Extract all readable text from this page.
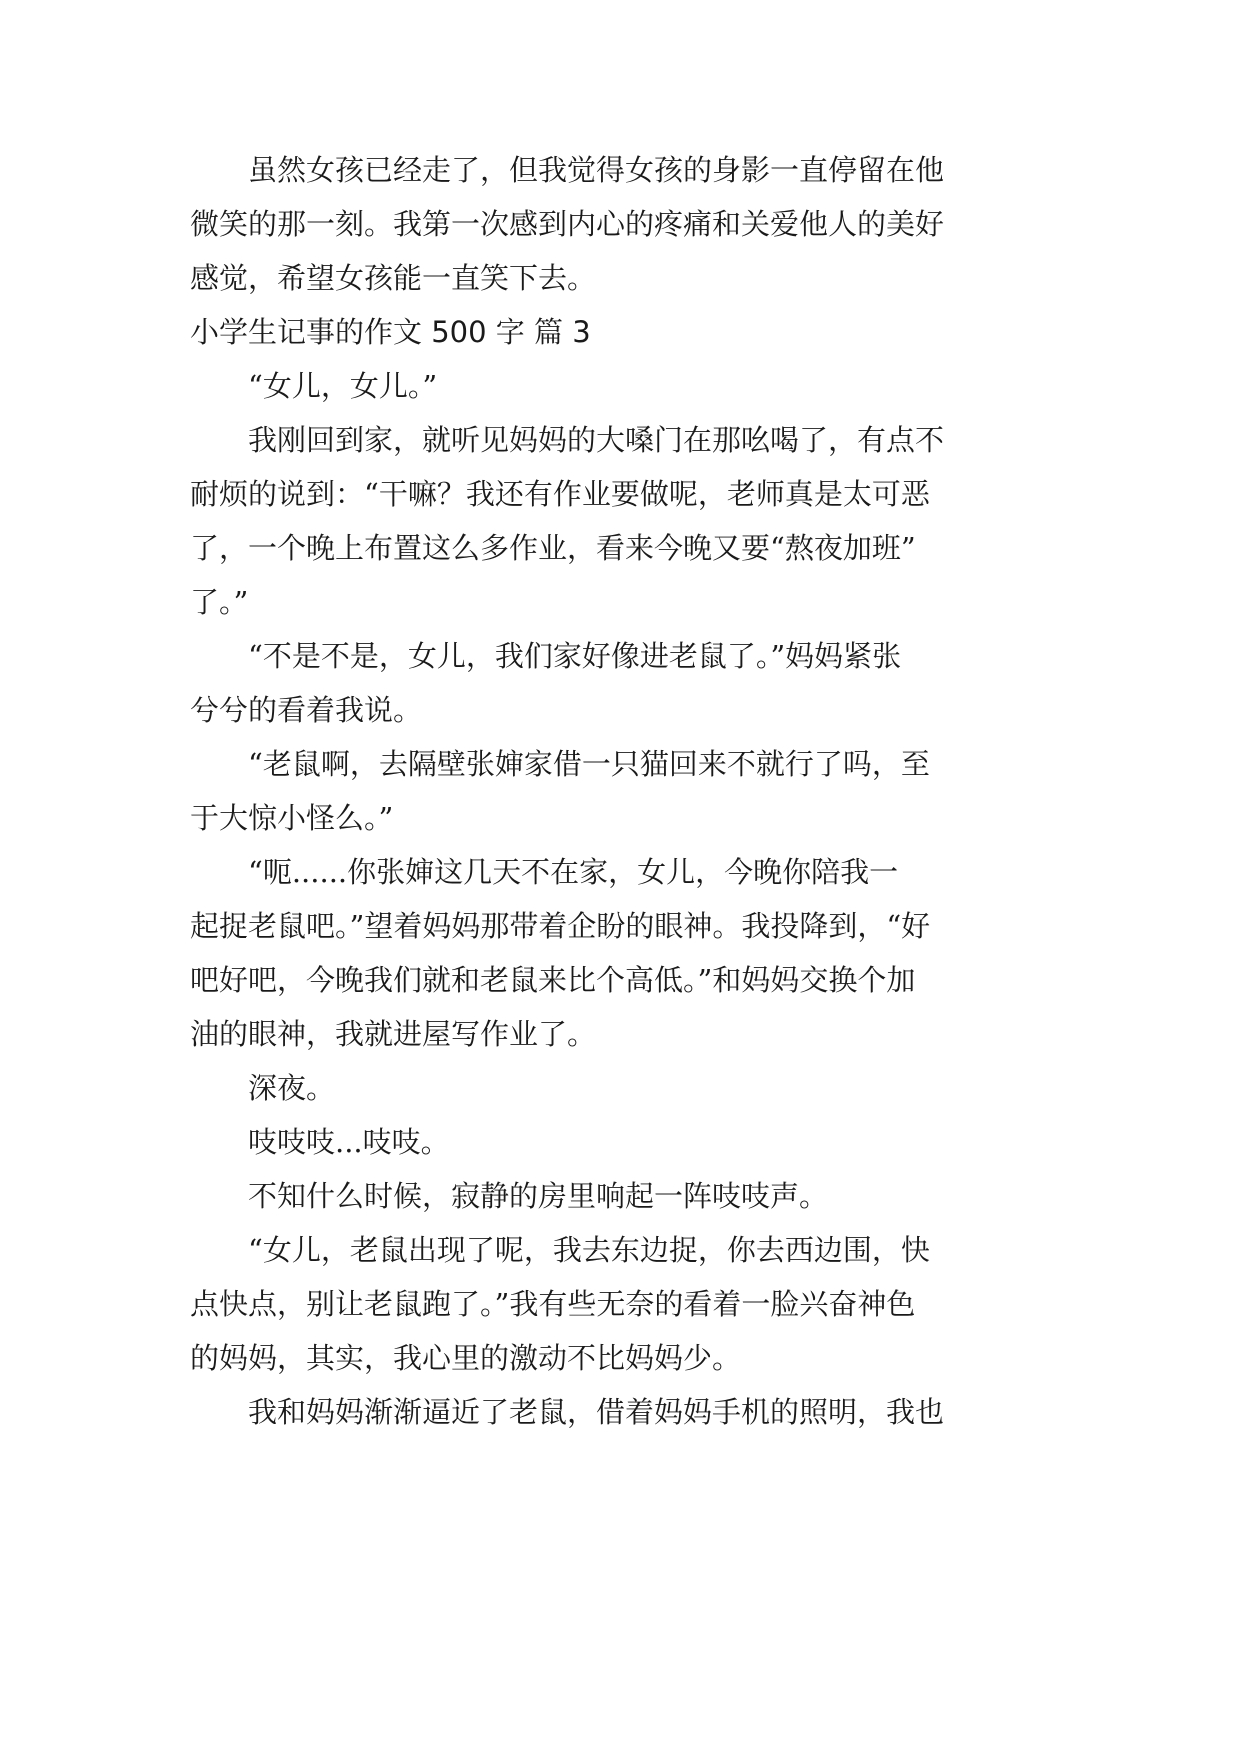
　　虽然女孩已经走了，但我觉得女孩的身影一直停留在他

微笑的那一刻。我第一次感到内心的疼痛和关爱他人的美好

感觉，希望女孩能一直笑下去。

小学生记事的作文 500 字 篇 3

　　“女儿，女儿。”

　　我刚回到家，就听见妈妈的大嗓门在那吆喝了，有点不

耐烦的说到：“干嘛？我还有作业要做呢，老师真是太可恶

了，一个晚上布置这么多作业，看来今晚又要“熬夜加班”

了。”

　　“不是不是，女儿，我们家好像进老鼠了。”妈妈紧张

兮兮的看着我说。

　　“老鼠啊，去隔壁张婶家借一只猫回来不就行了吗，至

于大惊小怪么。”

　　“呃......你张婶这几天不在家，女儿，今晚你陪我一

起捉老鼠吧。”望着妈妈那带着企盼的眼神。我投降到，“好

吧好吧，今晚我们就和老鼠来比个高低。”和妈妈交换个加

油的眼神，我就进屋写作业了。

　　深夜。

　　吱吱吱...吱吱。

　　不知什么时候，寂静的房里响起一阵吱吱声。

　　“女儿，老鼠出现了呢，我去东边捉，你去西边围，快

点快点，别让老鼠跑了。”我有些无奈的看着一脸兴奋神色

的妈妈，其实，我心里的激动不比妈妈少。

　　我和妈妈渐渐逼近了老鼠，借着妈妈手机的照明，我也
